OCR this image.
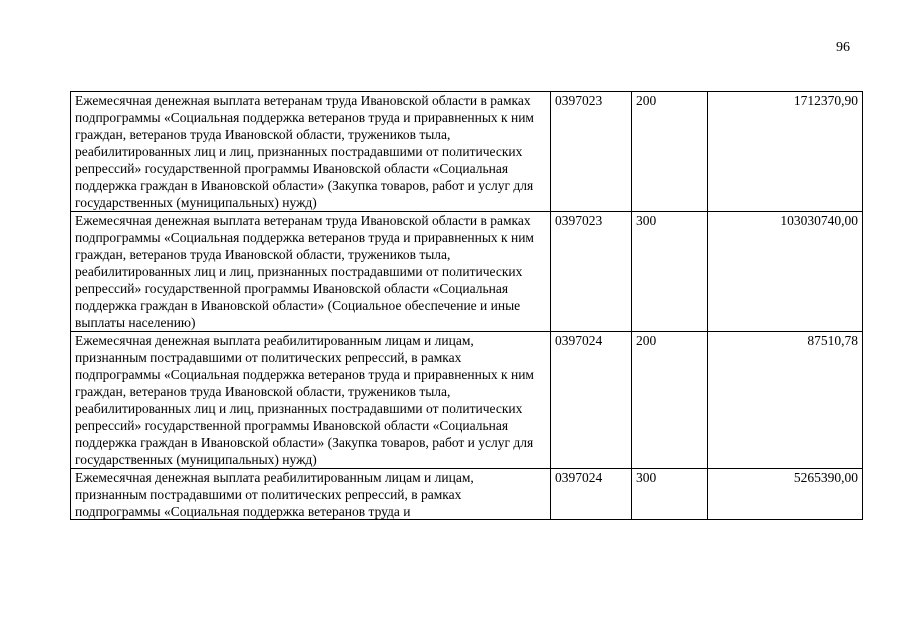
96
Ежемесячная денежная выплата ветеранам труда Ивановской области в рамках подпрограммы «Социальная поддержка ветеранов труда и приравненных к ним граждан, ветеранов труда Ивановской области, тружеников тыла, реабилитированных лиц и лиц, признанных пострадавшими от политических репрессий» государственной программы Ивановской области «Социальная поддержка граждан в Ивановской области» (Закупка товаров, работ и услуг для государственных (муниципальных) нужд)	0397023	200	1712370,90
Ежемесячная денежная выплата ветеранам труда Ивановской области в рамках подпрограммы «Социальная поддержка ветеранов труда и приравненных к ним граждан, ветеранов труда Ивановской области, тружеников тыла, реабилитированных лиц и лиц, признанных пострадавшими от политических репрессий» государственной программы Ивановской области «Социальная поддержка граждан в Ивановской области» (Социальное обеспечение и иные выплаты населению)	0397023	300	103030740,00
Ежемесячная денежная выплата реабилитированным лицам и лицам, признанным пострадавшими от политических репрессий, в рамках подпрограммы «Социальная поддержка ветеранов труда и приравненных к ним граждан, ветеранов труда Ивановской области, тружеников тыла, реабилитированных лиц и лиц, признанных пострадавшими от политических репрессий» государственной программы Ивановской области «Социальная поддержка граждан в Ивановской области» (Закупка товаров, работ и услуг для государственных (муниципальных) нужд)	0397024	200	87510,78

Ежемесячная денежная выплата реабилитированным лицам и лицам, признанным пострадавшими от политических репрессий, в рамках подпрограммы «Социальная поддержка ветеранов труда и	0397024	300	5265390,00
